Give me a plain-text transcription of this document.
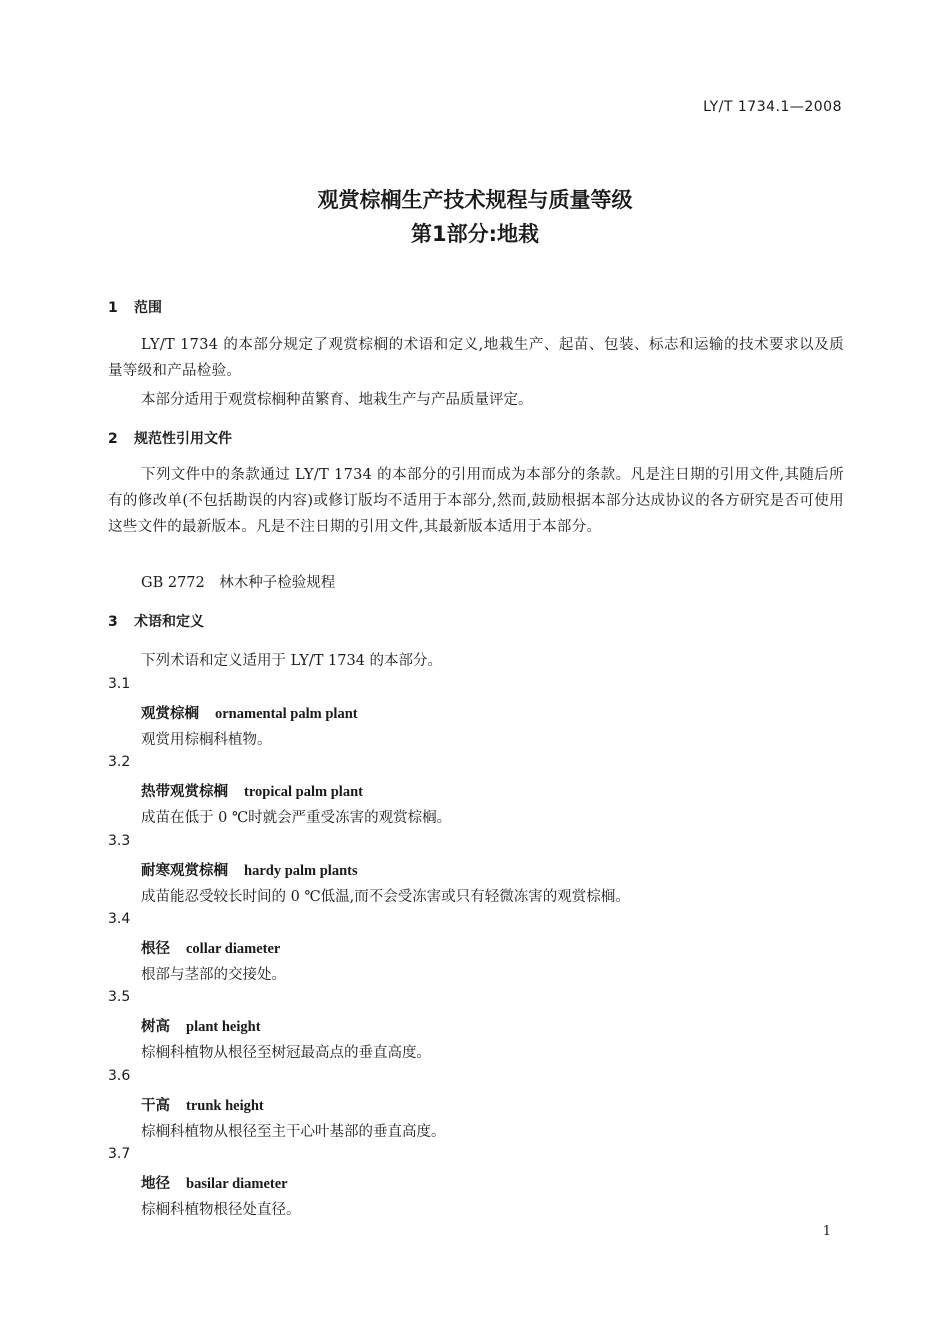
LY/T 1734.1—2008
观赏棕榈生产技术规程与质量等级
第1部分:地栽
1 范围
LY/T 1734 的本部分规定了观赏棕榈的术语和定义,地栽生产、起苗、包装、标志和运输的技术要求以及质量等级和产品检验。
本部分适用于观赏棕榈种苗繁育、地栽生产与产品质量评定。
2 规范性引用文件
下列文件中的条款通过 LY/T 1734 的本部分的引用而成为本部分的条款。凡是注日期的引用文件,其随后所有的修改单(不包括勘误的内容)或修订版均不适用于本部分,然而,鼓励根据本部分达成协议的各方研究是否可使用这些文件的最新版本。凡是不注日期的引用文件,其最新版本适用于本部分。
GB 2772　林木种子检验规程
3 术语和定义
下列术语和定义适用于 LY/T 1734 的本部分。
3.1
观赏棕榈 ornamental palm plant
观赏用棕榈科植物。
3.2
热带观赏棕榈 tropical palm plant
成苗在低于 0 ℃时就会严重受冻害的观赏棕榈。
3.3
耐寒观赏棕榈 hardy palm plants
成苗能忍受较长时间的 0 ℃低温,而不会受冻害或只有轻微冻害的观赏棕榈。
3.4
根径 collar diameter
根部与茎部的交接处。
3.5
树高 plant height
棕榈科植物从根径至树冠最高点的垂直高度。
3.6
干高 trunk height
棕榈科植物从根径至主干心叶基部的垂直高度。
3.7
地径 basilar diameter
棕榈科植物根径处直径。
1
